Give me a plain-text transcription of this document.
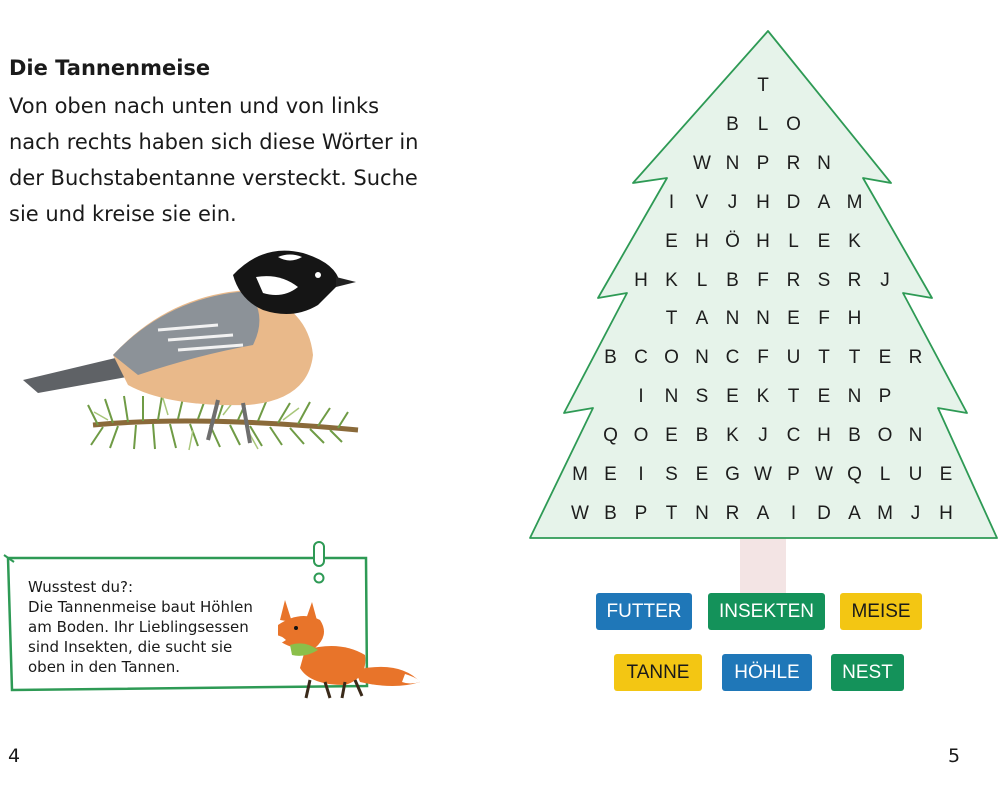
Die Tannenmeise
Von oben nach unten und von links
nach rechts haben sich diese Wörter in
der Buchstabentanne versteckt. Suche
sie und kreise sie ein.
Wusstest du?:
Die Tannenmeise baut Höhlen
am Boden. Ihr Lieblingsessen
sind Insekten, die sucht sie
oben in den Tannen.
4	5
T
B L O
W N P R N
I	V	J H D A M
E H Ö H L E K
H K L B F R S R J
T A N N E F H
B C O N C F U T T E R
I	N S E K T E N P
Q O E B K	J C H B O N
M E	I	S E G W P W Q L U E
W B P T N R A	I	D A M J H
FUTTER	INSEKTEN	MEISE
TANNE	HÖHLE	NEST
